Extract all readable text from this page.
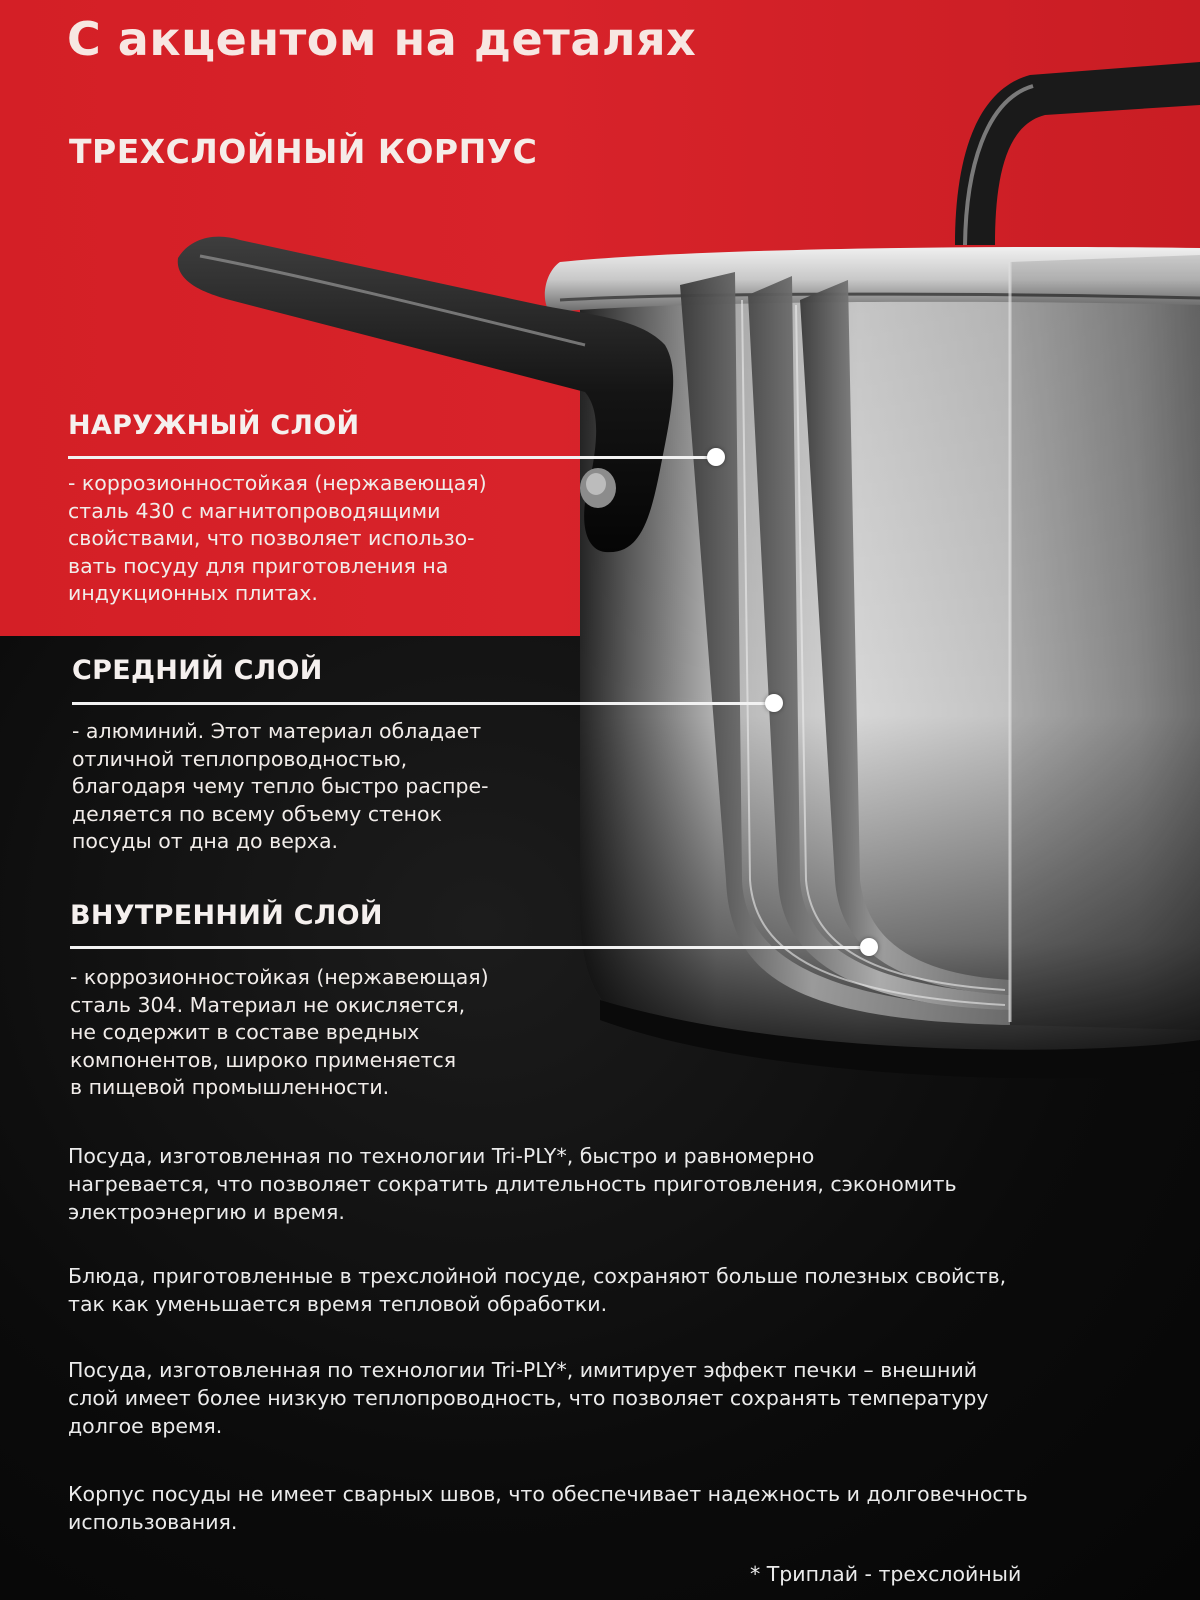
С акцентом на деталях
ТРЕХСЛОЙНЫЙ КОРПУС
НАРУЖНЫЙ СЛОЙ

- коррозионностойкая (нержавеющая)
сталь 430 с магнитопроводящими
свойствами, что позволяет использо-
вать посуду для приготовления на
индукционных плитах.

СРЕДНИЙ СЛОЙ

- алюминий. Этот материал обладает
отличной теплопроводностью,
благодаря чему тепло быстро распре-
деляется по всему объему стенок
посуды от дна до верха.

ВНУТРЕННИЙ СЛОЙ

- коррозионностойкая (нержавеющая)
сталь 304. Материал не окисляется,
не содержит в составе вредных
компонентов, широко применяется
в пищевой промышленности.

Посуда, изготовленная по технологии Tri-PLY*, быстро и равномерно
нагревается, что позволяет сократить длительность приготовления, сэкономить
электроэнергию и время.

Блюда, приготовленные в трехслойной посуде, сохраняют больше полезных свойств,
так как уменьшается время тепловой обработки.

Посуда, изготовленная по технологии Tri-PLY*, имитирует эффект печки – внешний
слой имеет более низкую теплопроводность, что позволяет сохранять температуру
долгое время.

Корпус посуды не имеет сварных швов, что обеспечивает надежность и долговечность
использования.

* Триплай - трехслойный
